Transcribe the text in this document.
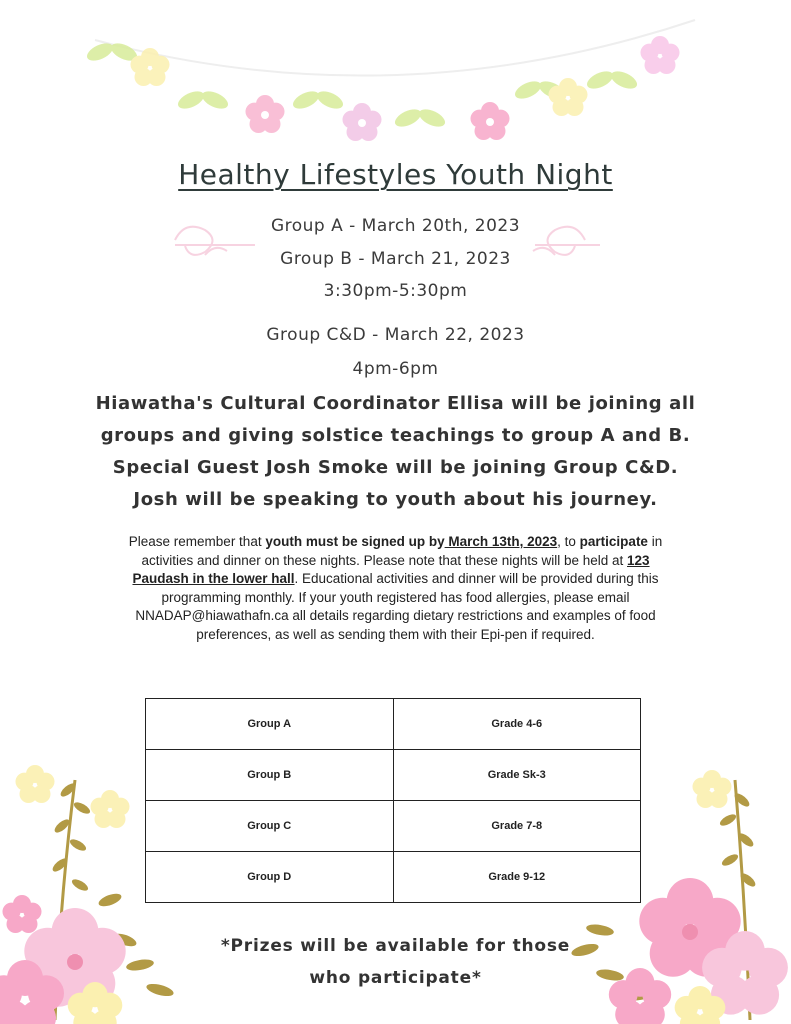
Healthy Lifestyles Youth Night
Group A - March 20th, 2023
Group B - March 21, 2023
3:30pm-5:30pm
Group C&D - March 22, 2023
4pm-6pm
Hiawatha's Cultural Coordinator Ellisa will be joining all
groups and giving solstice teachings to group A and B.
Special Guest Josh Smoke will be joining Group C&D.
Josh will be speaking to youth about his journey.
Please remember that youth must be signed up by March 13th, 2023, to participate in activities and dinner on these nights. Please note that these nights will be held at 123 Paudash in the lower hall. Educational activities and dinner will be provided during this programming monthly. If your youth registered has food allergies, please email NNADAP@hiawathafn.ca all details regarding dietary restrictions and examples of food preferences, as well as sending them with their Epi-pen if required.
Group A	Grade 4-6
Group B	Grade Sk-3
Group C	Grade 7-8
Group D	Grade 9-12
*Prizes will be available for those
who participate*
